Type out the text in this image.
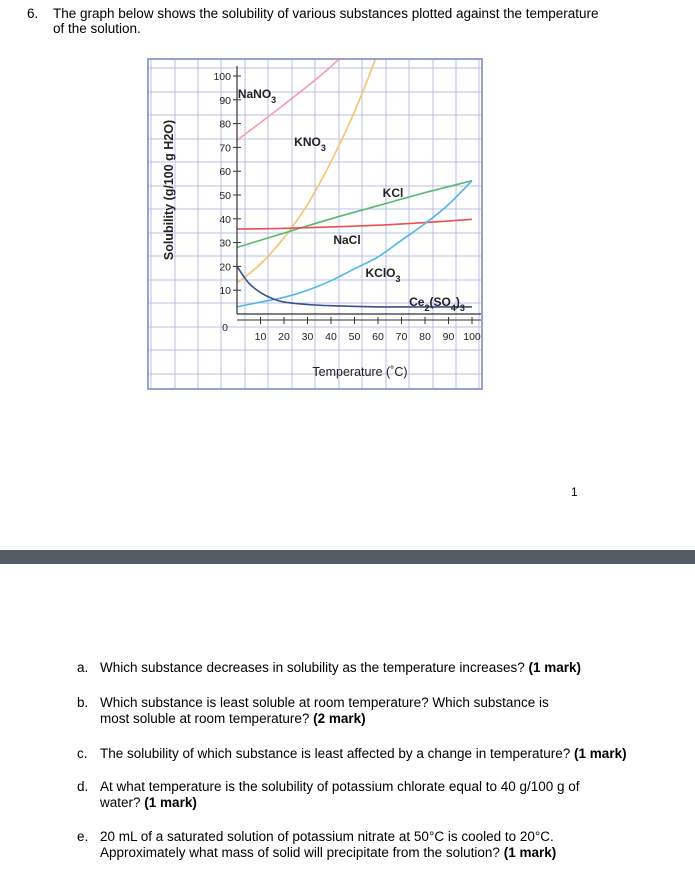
6. The graph below shows the solubility of various substances plotted against the temperature of the solution.
100
90
80
70
60
50
40
30
20
10
0
10 20 30 40 50 60 70 80 90 100
Temperature (˚C)
Solubility (g/100 g H2O)
NaNO$_3$
$KNO_3$
KCl
NaCl
KClO$_3$
$Ce_2(SO_4)_3$
1
a. Which substance decreases in solubility as the temperature increases? (1 mark)
b. Which substance is least soluble at room temperature? Which substance is most soluble at room temperature? (2 mark)
c. The solubility of which substance is least affected by a change in temperature? (1 mark)
d. At what temperature is the solubility of potassium chlorate equal to 40 g/100 g of water? (1 mark)
e. 20 mL of a saturated solution of potassium nitrate at 50°C is cooled to 20°C. Approximately what mass of solid will precipitate from the solution? (1 mark)
